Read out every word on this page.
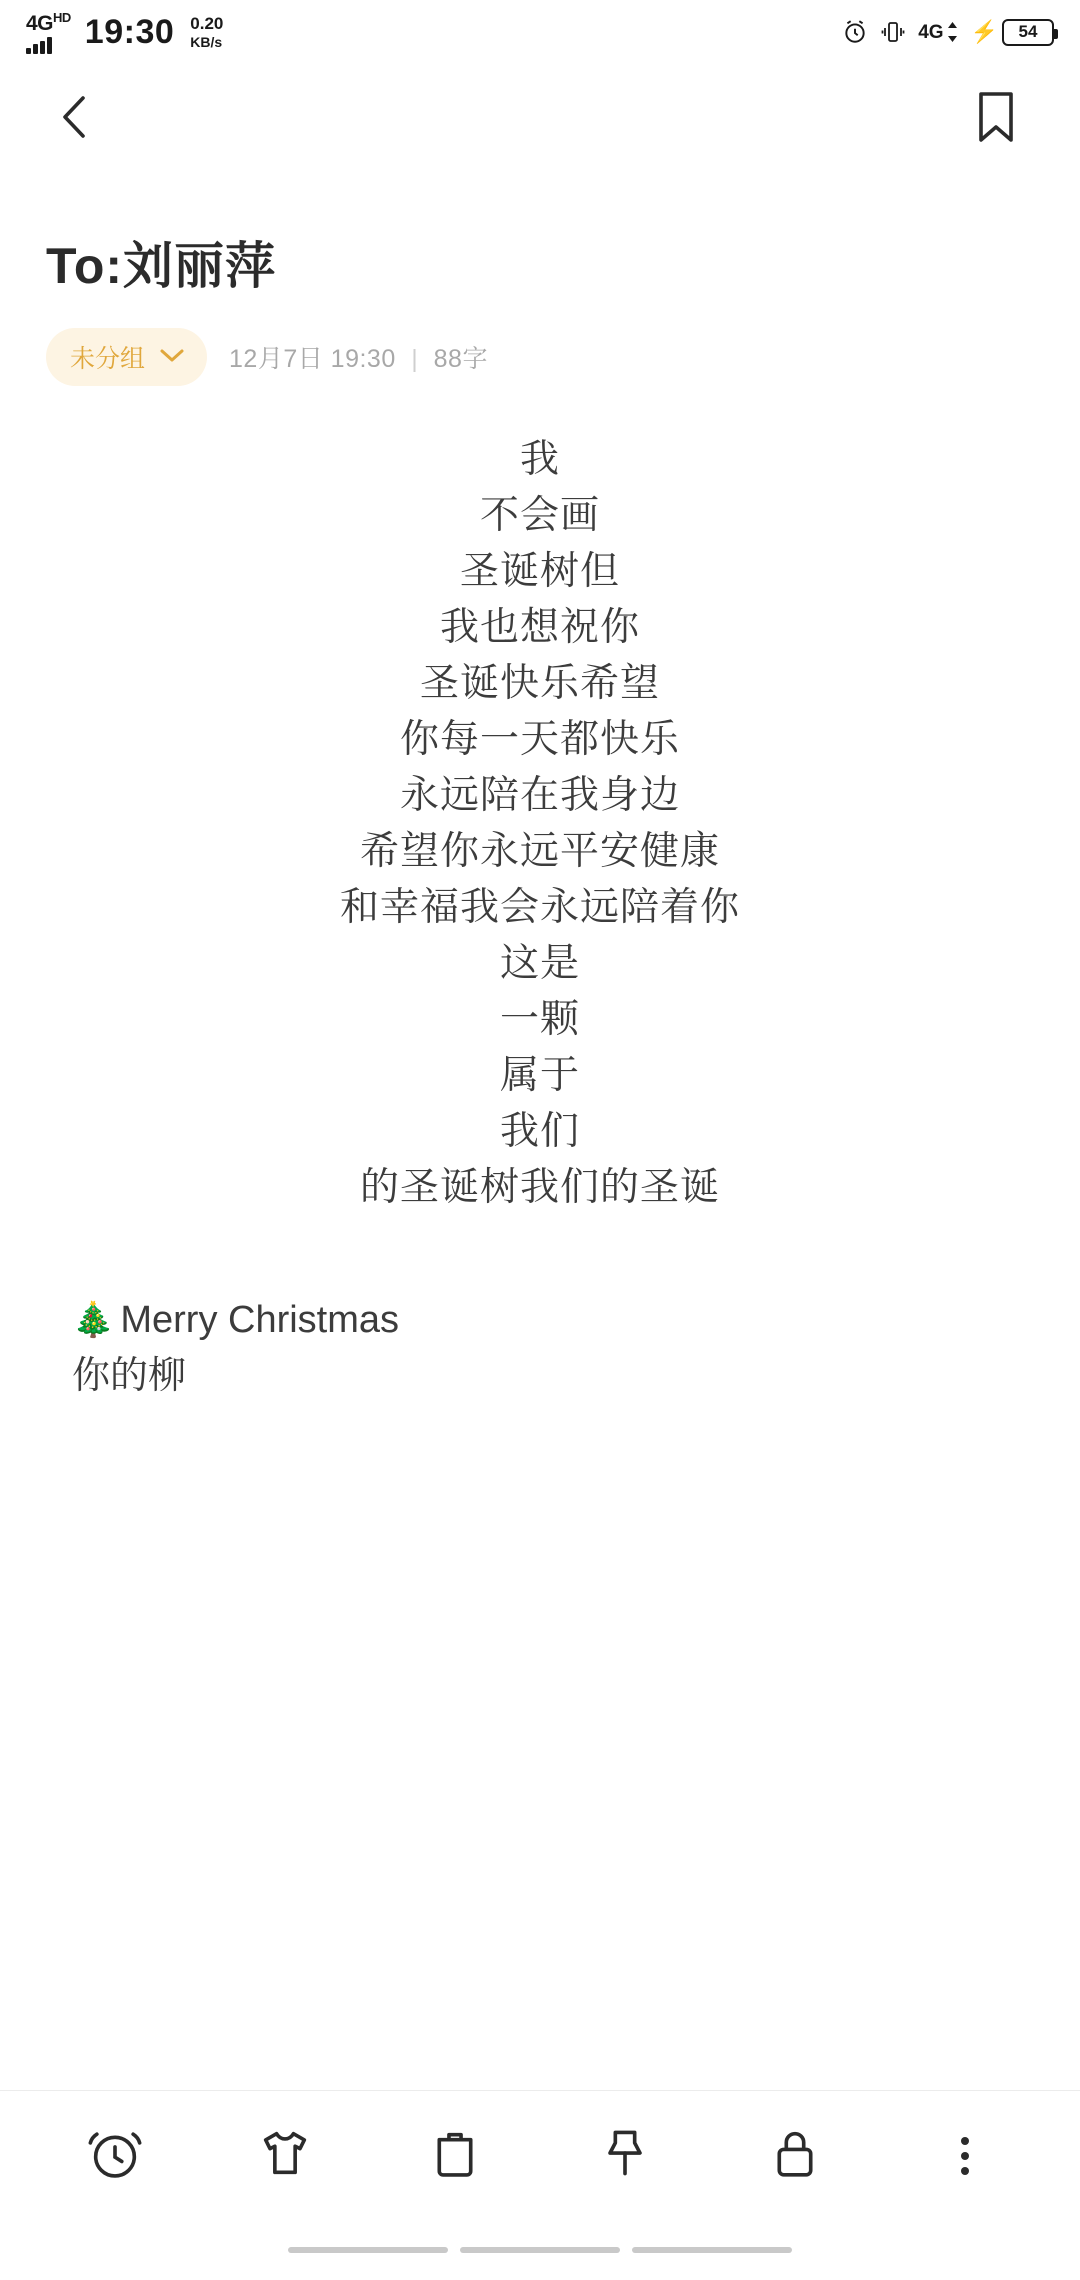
$4G^{HD}$ 19:30 0.20
KB/s	4G ⚡ 54
To:刘丽萍
未分组	12月7日 19:30 | 88字
我
不会画
圣诞树但
我也想祝你
圣诞快乐希望
你每一天都快乐
永远陪在我身边
希望你永远平安健康
和幸福我会永远陪着你
这是
一颗
属于
我们
的圣诞树我们的圣诞
🎄 Merry Christmas
你的柳
